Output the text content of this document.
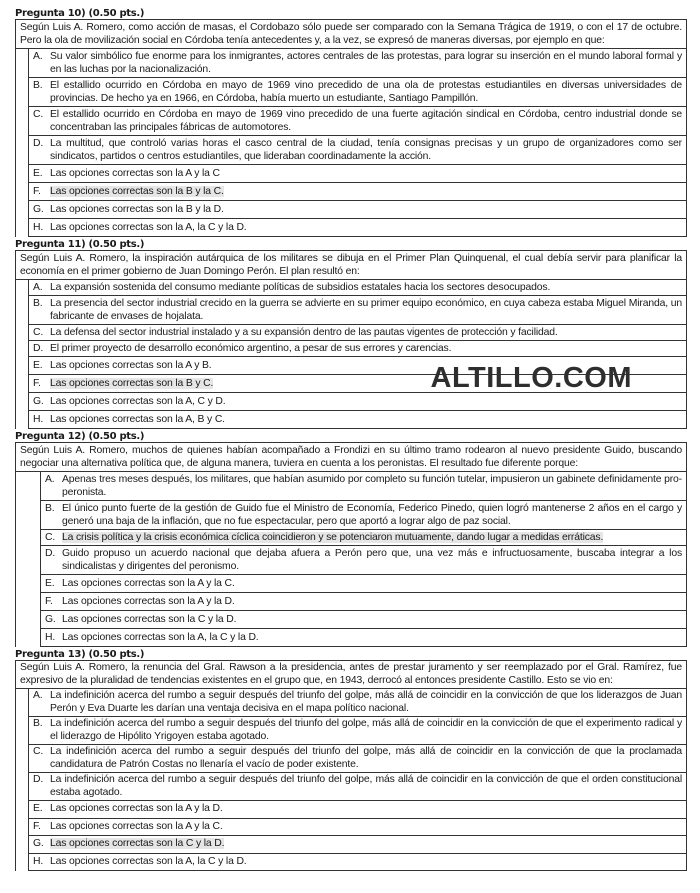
Pregunta 10) (0.50 pts.)
Según Luis A. Romero, como acción de masas, el Cordobazo sólo puede ser comparado con la Semana Trágica de 1919, o con el 17 de octubre. Pero la ola de movilización social en Córdoba tenía antecedentes y, a la vez, se expresó de maneras diversas, por ejemplo en que:	

	A. Su valor simbólico fue enorme para los inmigrantes, actores centrales de las protestas, para lograr su inserción en el mundo laboral formal y en las luchas por la nacionalización.

	B. El estallido ocurrido en Córdoba en mayo de 1969 vino precedido de una ola de protestas estudiantiles en diversas universidades de provincias. De hecho ya en 1966, en Córdoba, había muerto un estudiante, Santiago Pampillón.

	C. El estallido ocurrido en Córdoba en mayo de 1969 vino precedido de una fuerte agitación sindical en Córdoba, centro industrial donde se concentraban las principales fábricas de automotores.

	D. La multitud, que controló varias horas el casco central de la ciudad, tenía consignas precisas y un grupo de organizadores como ser sindicatos, partidos o centros estudiantiles, que lideraban coordinadamente la acción.

	E. Las opciones correctas son la A y la C

	F. Las opciones correctas son la B y la C.

	G. Las opciones correctas son la B y la D.

	H. Las opciones correctas son la A, la C y la D.
Pregunta 11) (0.50 pts.)
Según Luis A. Romero, la inspiración autárquica de los militares se dibuja en el Primer Plan Quinquenal, el cual debía servir para planificar la economía en el primer gobierno de Juan Domingo Perón. El plan resultó en:	

	A. La expansión sostenida del consumo mediante políticas de subsidios estatales hacia los sectores desocupados.

	B. La presencia del sector industrial crecido en la guerra se advierte en su primer equipo económico, en cuya cabeza estaba Miguel Miranda, un fabricante de envases de hojalata.

	C. La defensa del sector industrial instalado y a su expansión dentro de las pautas vigentes de protección y facilidad.

	D. El primer proyecto de desarrollo económico argentino, a pesar de sus errores y carencias.

	E. Las opciones correctas son la A y B.

	F. Las opciones correctas son la B y C. ALTILLO.COM

	G. Las opciones correctas son la A, C y D.

	H. Las opciones correctas son la A, B y C.
Pregunta 12) (0.50 pts.)
Según Luis A. Romero, muchos de quienes habían acompañado a Frondizi en su último tramo rodearon al nuevo presidente Guido, buscando negociar una alternativa política que, de alguna manera, tuviera en cuenta a los peronistas. El resultado fue diferente porque:	

	A. Apenas tres meses después, los militares, que habían asumido por completo su función tutelar, impusieron un gabinete definidamente pro-peronista.

	B. El único punto fuerte de la gestión de Guido fue el Ministro de Economía, Federico Pinedo, quien logró mantenerse 2 años en el cargo y generó una baja de la inflación, que no fue espectacular, pero que aportó a lograr algo de paz social.

	C. La crisis política y la crisis económica cíclica coincidieron y se potenciaron mutuamente, dando lugar a medidas erráticas.

	D. Guido propuso un acuerdo nacional que dejaba afuera a Perón pero que, una vez más e infructuosamente, buscaba integrar a los sindicalistas y dirigentes del peronismo.

	E. Las opciones correctas son la A y la C.

	F. Las opciones correctas son la A y la D.

	G. Las opciones correctas son la C y la D.

	H. Las opciones correctas son la A, la C y la D.
Pregunta 13) (0.50 pts.)
Según Luis A. Romero, la renuncia del Gral. Rawson a la presidencia, antes de prestar juramento y ser reemplazado por el Gral. Ramírez, fue expresivo de la pluralidad de tendencias existentes en el grupo que, en 1943, derrocó al entonces presidente Castillo. Esto se vio en:	

	A. La indefinición acerca del rumbo a seguir después del triunfo del golpe, más allá de coincidir en la convicción de que los liderazgos de Juan Perón y Eva Duarte les darían una ventaja decisiva en el mapa político nacional.

	B. La indefinición acerca del rumbo a seguir después del triunfo del golpe, más allá de coincidir en la convicción de que el experimento radical y el liderazgo de Hipólito Yrigoyen estaba agotado.

	C. La indefinición acerca del rumbo a seguir después del triunfo del golpe, más allá de coincidir en la convicción de que la proclamada candidatura de Patrón Costas no llenaría el vacío de poder existente.

	D. La indefinición acerca del rumbo a seguir después del triunfo del golpe, más allá de coincidir en la convicción de que el orden constitucional estaba agotado.

	E. Las opciones correctas son la A y la D.

	F. Las opciones correctas son la A y la C.

	G. Las opciones correctas son la C y la D.

	H. Las opciones correctas son la A, la C y la D.
